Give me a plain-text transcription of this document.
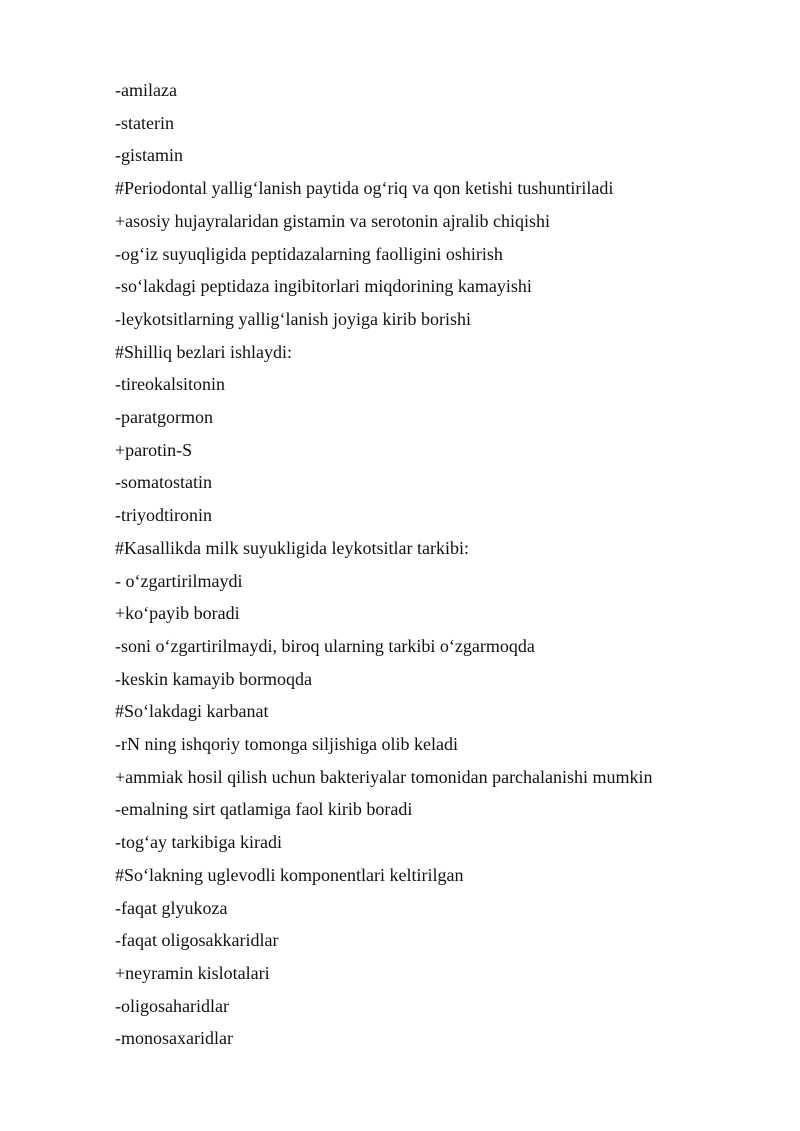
-amilaza
-staterin
-gistamin
#Periodontal yallig‘lanish paytida og‘riq va qon ketishi tushuntiriladi
+asosiy hujayralaridan gistamin va serotonin ajralib chiqishi
-og‘iz suyuqligida peptidazalarning faolligini oshirish
-so‘lakdagi peptidaza ingibitorlari miqdorining kamayishi
-leykotsitlarning yallig‘lanish joyiga kirib borishi
#Shilliq bezlari ishlaydi:
-tireokalsitonin
-paratgormon
+parotin-S
-somatostatin
-triyodtironin
#Kasallikda milk suyukligida leykotsitlar tarkibi:
- o‘zgartirilmaydi
+ko‘payib boradi
-soni o‘zgartirilmaydi, biroq ularning tarkibi o‘zgarmoqda
-keskin kamayib bormoqda
#So‘lakdagi karbanat
-rN ning ishqoriy tomonga siljishiga olib keladi
+ammiak hosil qilish uchun bakteriyalar tomonidan parchalanishi mumkin
-emalning sirt qatlamiga faol kirib boradi
-tog‘ay tarkibiga kiradi
#So‘lakning uglevodli komponentlari keltirilgan
-faqat glyukoza
-faqat oligosakkaridlar
+neyramin kislotalari
-oligosaharidlar
-monosaxaridlar
